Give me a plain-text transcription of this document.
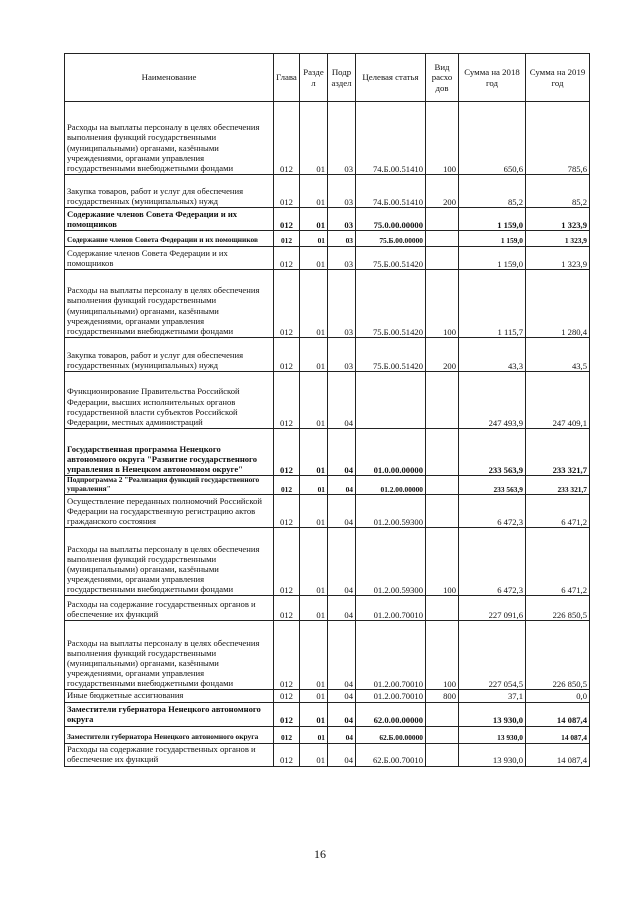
Наименование	Глава	Разде л	Подр аздел	Целевая статья	Вид расхо дов	Сумма на 2018 год	Сумма на 2019 год
Расходы на выплаты персоналу в целях обеспечения выполнения функций государственными (муниципальными) органами, казёнными учреждениями, органами управления государственными внебюджетными фондами	012	01	03	74.Б.00.51410	100	650,6	785,6
Закупка товаров, работ и услуг для обеспечения государственных (муниципальных) нужд	012	01	03	74.Б.00.51410	200	85,2	85,2
Содержание членов Совета Федерации и их помощников	012	01	03	75.0.00.00000		1 159,0	1 323,9
Содержание членов Совета Федерации и их помощников	012	01	03	75.Б.00.00000		1 159,0	1 323,9
Содержание членов Совета Федерации и их помощников	012	01	03	75.Б.00.51420		1 159,0	1 323,9
Расходы на выплаты персоналу в целях обеспечения выполнения функций государственными (муниципальными) органами, казёнными учреждениями, органами управления государственными внебюджетными фондами	012	01	03	75.Б.00.51420	100	1 115,7	1 280,4
Закупка товаров, работ и услуг для обеспечения государственных (муниципальных) нужд	012	01	03	75.Б.00.51420	200	43,3	43,5
Функционирование Правительства Российской Федерации, высших исполнительных органов государственной власти субъектов Российской Федерации, местных администраций	012	01	04			247 493,9	247 409,1
Государственная программа Ненецкого автономного округа "Развитие государственного управления в Ненецком автономном округе"	012	01	04	01.0.00.00000		233 563,9	233 321,7
Подпрограмма 2 "Реализация функций государственного управления"	012	01	04	01.2.00.00000		233 563,9	233 321,7
Осуществление переданных полномочий Российской Федерации на государственную регистрацию актов гражданского состояния	012	01	04	01.2.00.59300		6 472,3	6 471,2
Расходы на выплаты персоналу в целях обеспечения выполнения функций государственными (муниципальными) органами, казёнными учреждениями, органами управления государственными внебюджетными фондами	012	01	04	01.2.00.59300	100	6 472,3	6 471,2
Расходы на содержание государственных органов и обеспечение их функций	012	01	04	01.2.00.70010		227 091,6	226 850,5
Расходы на выплаты персоналу в целях обеспечения выполнения функций государственными (муниципальными) органами, казёнными учреждениями, органами управления государственными внебюджетными фондами	012	01	04	01.2.00.70010	100	227 054,5	226 850,5
Иные бюджетные ассигнования	012	01	04	01.2.00.70010	800	37,1	0,0
Заместители губернатора Ненецкого автономного округа	012	01	04	62.0.00.00000		13 930,0	14 087,4
Заместители губернатора Ненецкого автономного округа	012	01	04	62.Б.00.00000		13 930,0	14 087,4
Расходы на содержание государственных органов и обеспечение их функций	012	01	04	62.Б.00.70010		13 930,0	14 087,4
16
